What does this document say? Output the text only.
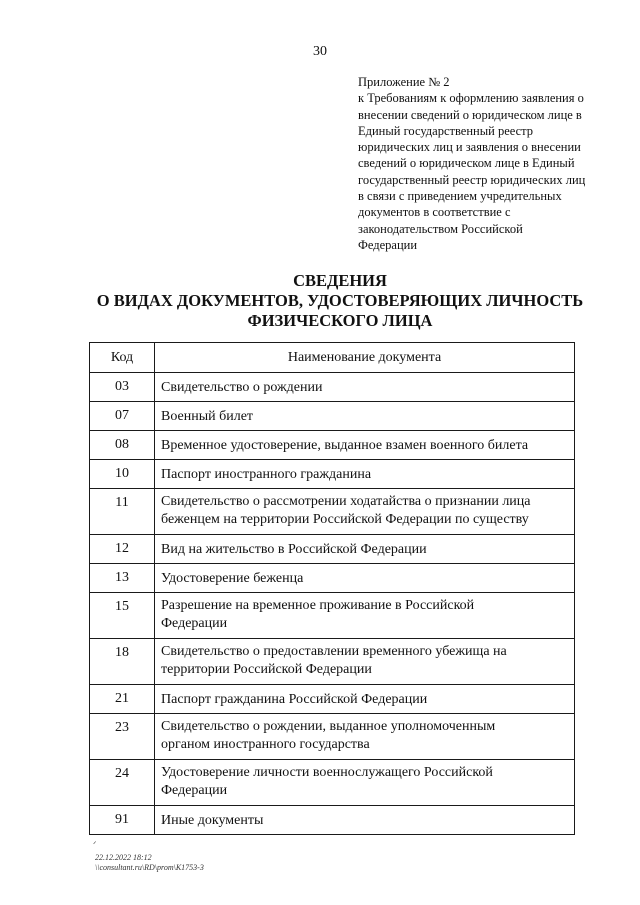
30
Приложение № 2
к Требованиям к оформлению заявления о
внесении сведений о юридическом лице в
Единый государственный реестр
юридических лиц и заявления о внесении
сведений о юридическом лице в Единый
государственный реестр юридических лиц
в связи с приведением учредительных
документов в соответствие с
законодательством Российской
Федерации
СВЕДЕНИЯ
О ВИДАХ ДОКУМЕНТОВ, УДОСТОВЕРЯЮЩИХ ЛИЧНОСТЬ
ФИЗИЧЕСКОГО ЛИЦА
Код	Наименование документа
03	Свидетельство о рождении

07	Военный билет

08	Временное удостоверение, выданное взамен военного билета

10	Паспорт иностранного гражданина

11	Свидетельство о рассмотрении ходатайства о признании лица
беженцем на территории Российской Федерации по существу

12	Вид на жительство в Российской Федерации

13	Удостоверение беженца

15	Разрешение на временное проживание в Российской
Федерации

18	Свидетельство о предоставлении временного убежища на
территории Российской Федерации

21	Паспорт гражданина Российской Федерации

23	Свидетельство о рождении, выданное уполномоченным
органом иностранного государства

24	Удостоверение личности военнослужащего Российской
Федерации

91	Иные документы
ᐟ
22.12.2022 18:12
\\consultant.ru\RD\prom\K1753-3
